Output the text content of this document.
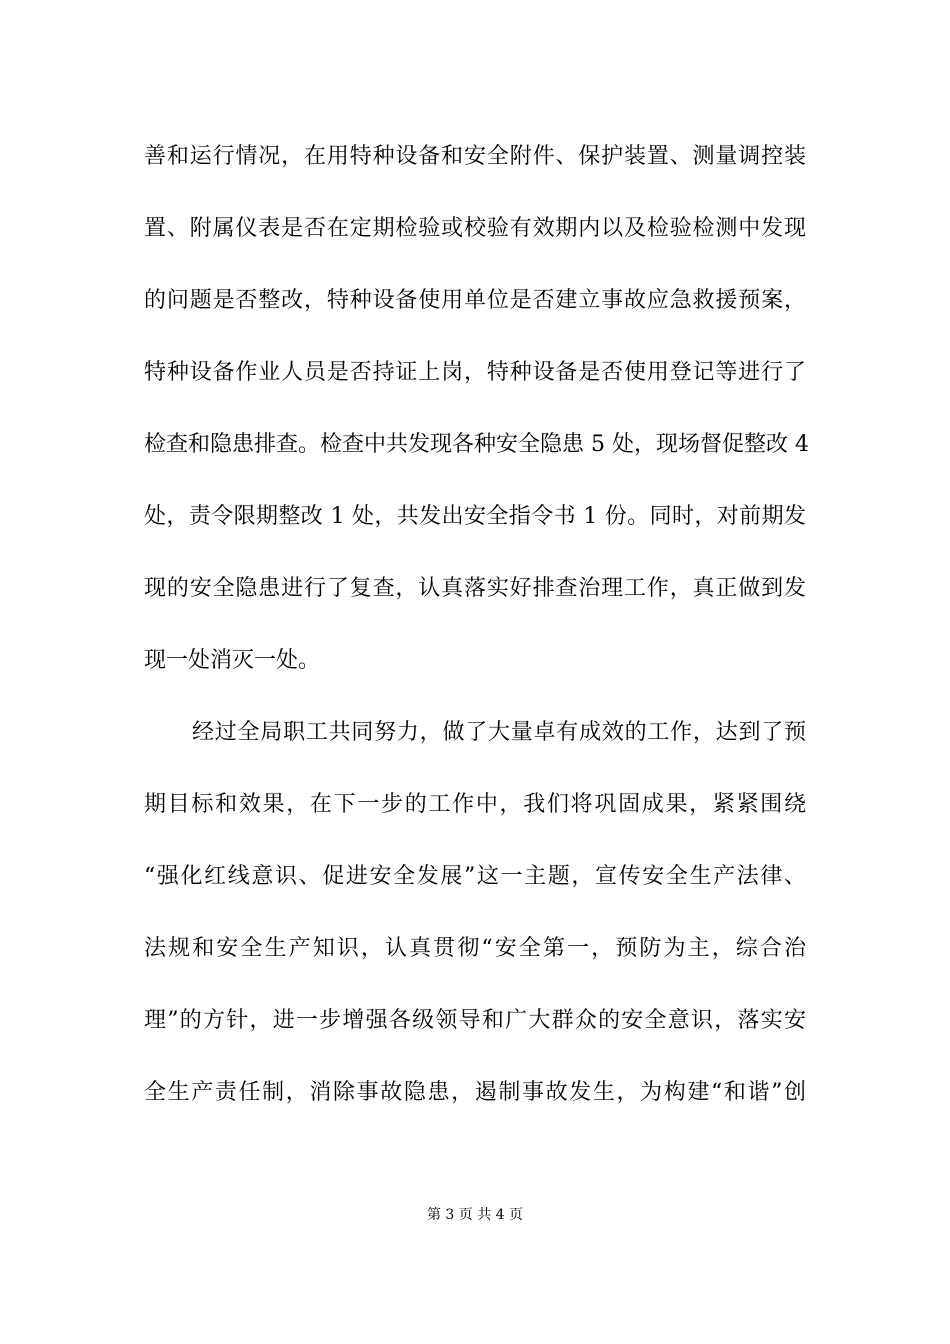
善和运行情况，在用特种设备和安全附件、保护装置、测量调控装
置、附属仪表是否在定期检验或校验有效期内以及检验检测中发现
的问题是否整改，特种设备使用单位是否建立事故应急救援预案，
特种设备作业人员是否持证上岗，特种设备是否使用登记等进行了
检查和隐患排查。检查中共发现各种安全隐患 5 处，现场督促整改 4
处，责令限期整改 1 处，共发出安全指令书 1 份。同时，对前期发
现的安全隐患进行了复查，认真落实好排查治理工作，真正做到发
现一处消灭一处。
经过全局职工共同努力，做了大量卓有成效的工作，达到了预
期目标和效果，在下一步的工作中，我们将巩固成果，紧紧围绕
“强化红线意识、促进安全发展”这一主题，宣传安全生产法律、
法规和安全生产知识，认真贯彻“安全第一，预防为主，综合治
理”的方针，进一步增强各级领导和广大群众的安全意识，落实安
全生产责任制，消除事故隐患，遏制事故发生，为构建“和谐”创
第 3 页 共 4 页
